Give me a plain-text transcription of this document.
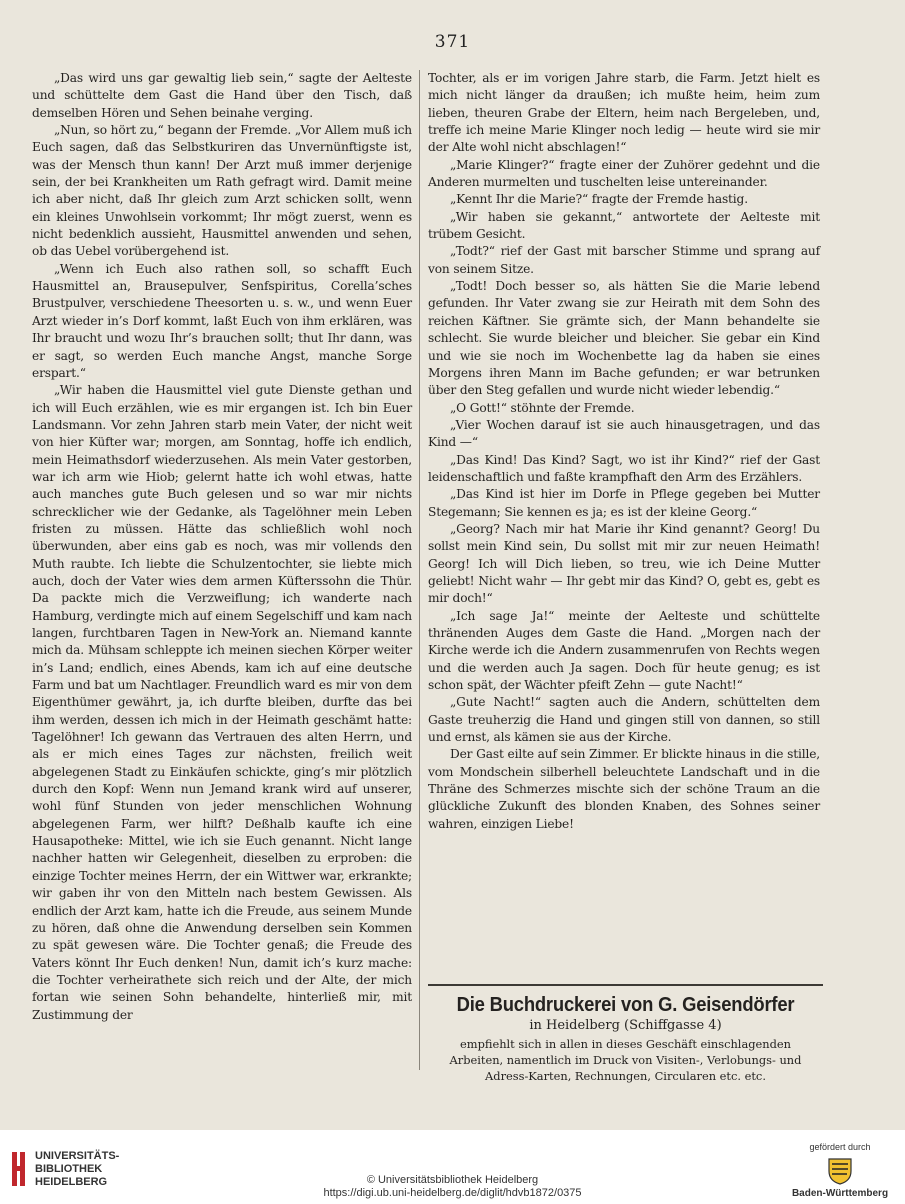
371

„Das wird uns gar gewaltig lieb sein,“ sagte der Aelteste und schüttelte dem Gast die Hand über den Tisch, daß demselben Hören und Sehen beinahe verging.

„Nun, so hört zu,“ begann der Fremde. „Vor Allem muß ich Euch sagen, daß das Selbstkuriren das Unvernünftigste ist, was der Mensch thun kann! Der Arzt muß immer derjenige sein, der bei Krankheiten um Rath gefragt wird. Damit meine ich aber nicht, daß Ihr gleich zum Arzt schicken sollt, wenn ein kleines Unwohlsein vorkommt; Ihr mögt zuerst, wenn es nicht bedenklich aussieht, Hausmittel anwenden und sehen, ob das Uebel vorübergehend ist.

„Wenn ich Euch also rathen soll, so schafft Euch Hausmittel an, Brausepulver, Senfspiritus, Corella’sches Brustpulver, verschiedene Theesorten u. s. w., und wenn Euer Arzt wieder in’s Dorf kommt, laßt Euch von ihm erklären, was Ihr braucht und wozu Ihr’s brauchen sollt; thut Ihr dann, was er sagt, so werden Euch manche Angst, manche Sorge erspart.“

„Wir haben die Hausmittel viel gute Dienste gethan und ich will Euch erzählen, wie es mir ergangen ist. Ich bin Euer Landsmann. Vor zehn Jahren starb mein Vater, der nicht weit von hier Küfter war; morgen, am Sonntag, hoffe ich endlich, mein Heimathsdorf wiederzusehen. Als mein Vater gestorben, war ich arm wie Hiob; gelernt hatte ich wohl etwas, hatte auch manches gute Buch gelesen und so war mir nichts schrecklicher wie der Gedanke, als Tagelöhner mein Leben fristen zu müssen. Hätte das schließlich wohl noch überwunden, aber eins gab es noch, was mir vollends den Muth raubte. Ich liebte die Schulzentochter, sie liebte mich auch, doch der Vater wies dem armen Küfterssohn die Thür. Da packte mich die Verzweiflung; ich wanderte nach Hamburg, verdingte mich auf einem Segelschiff und kam nach langen, furchtbaren Tagen in New-York an. Niemand kannte mich da. Mühsam schleppte ich meinen siechen Körper weiter in’s Land; endlich, eines Abends, kam ich auf eine deutsche Farm und bat um Nachtlager. Freundlich ward es mir von dem Eigenthümer gewährt, ja, ich durfte bleiben, durfte das bei ihm werden, dessen ich mich in der Heimath geschämt hatte: Tagelöhner! Ich gewann das Vertrauen des alten Herrn, und als er mich eines Tages zur nächsten, freilich weit abgelegenen Stadt zu Einkäufen schickte, ging’s mir plötzlich durch den Kopf: Wenn nun Jemand krank wird auf unserer, wohl fünf Stunden von jeder menschlichen Wohnung abgelegenen Farm, wer hilft? Deßhalb kaufte ich eine Hausapotheke: Mittel, wie ich sie Euch genannt. Nicht lange nachher hatten wir Gelegenheit, dieselben zu erproben: die einzige Tochter meines Herrn, der ein Wittwer war, erkrankte; wir gaben ihr von den Mitteln nach bestem Gewissen. Als endlich der Arzt kam, hatte ich die Freude, aus seinem Munde zu hören, daß ohne die Anwendung derselben sein Kommen zu spät gewesen wäre. Die Tochter genaß; die Freude des Vaters könnt Ihr Euch denken! Nun, damit ich’s kurz mache: die Tochter verheirathete sich reich und der Alte, der mich fortan wie seinen Sohn behandelte, hinterließ mir, mit Zustimmung der

Tochter, als er im vorigen Jahre starb, die Farm. Jetzt hielt es mich nicht länger da draußen; ich mußte heim, heim zum lieben, theuren Grabe der Eltern, heim nach Bergeleben, und, treffe ich meine Marie Klinger noch ledig — heute wird sie mir der Alte wohl nicht abschlagen!“

„Marie Klinger?“ fragte einer der Zuhörer gedehnt und die Anderen murmelten und tuschelten leise untereinander.

„Kennt Ihr die Marie?“ fragte der Fremde hastig.

„Wir haben sie gekannt,“ antwortete der Aelteste mit trübem Gesicht.

„Todt?“ rief der Gast mit barscher Stimme und sprang auf von seinem Sitze.

„Todt! Doch besser so, als hätten Sie die Marie lebend gefunden. Ihr Vater zwang sie zur Heirath mit dem Sohn des reichen Käftner. Sie grämte sich, der Mann behandelte sie schlecht. Sie wurde bleicher und bleicher. Sie gebar ein Kind und wie sie noch im Wochenbette lag da haben sie eines Morgens ihren Mann im Bache gefunden; er war betrunken über den Steg gefallen und wurde nicht wieder lebendig.“

„O Gott!“ stöhnte der Fremde.

„Vier Wochen darauf ist sie auch hinausgetragen, und das Kind —“

„Das Kind! Das Kind? Sagt, wo ist ihr Kind?“ rief der Gast leidenschaftlich und faßte krampfhaft den Arm des Erzählers.

„Das Kind ist hier im Dorfe in Pflege gegeben bei Mutter Stegemann; Sie kennen es ja; es ist der kleine Georg.“

„Georg? Nach mir hat Marie ihr Kind genannt? Georg! Du sollst mein Kind sein, Du sollst mit mir zur neuen Heimath! Georg! Ich will Dich lieben, so treu, wie ich Deine Mutter geliebt! Nicht wahr — Ihr gebt mir das Kind? O, gebt es, gebt es mir doch!“

„Ich sage Ja!“ meinte der Aelteste und schüttelte thränenden Auges dem Gaste die Hand. „Morgen nach der Kirche werde ich die Andern zusammenrufen von Rechts wegen und die werden auch Ja sagen. Doch für heute genug; es ist schon spät, der Wächter pfeift Zehn — gute Nacht!“

„Gute Nacht!“ sagten auch die Andern, schüttelten dem Gaste treuherzig die Hand und gingen still von dannen, so still und ernst, als kämen sie aus der Kirche.

Der Gast eilte auf sein Zimmer. Er blickte hinaus in die stille, vom Mondschein silberhell beleuchtete Landschaft und in die Thräne des Schmerzes mischte sich der schöne Traum an die glückliche Zukunft des blonden Knaben, des Sohnes seiner wahren, einzigen Liebe!

Die Buchdruckerei von G. Geisendörfer
in Heidelberg (Schiffgasse 4)
empfiehlt sich in allen in dieses Geschäft einschlagenden Arbeiten, namentlich im Druck von Visiten-, Verlobungs- und Adress-Karten, Rechnungen, Circularen etc. etc.
UNIVERSITÄTS-
BIBLIOTHEK
HEIDELBERG	© Universitätsbibliothek Heidelberg
https://digi.ub.uni-heidelberg.de/diglit/hdvb1872/0375
gefördert durch
Baden-Württemberg
